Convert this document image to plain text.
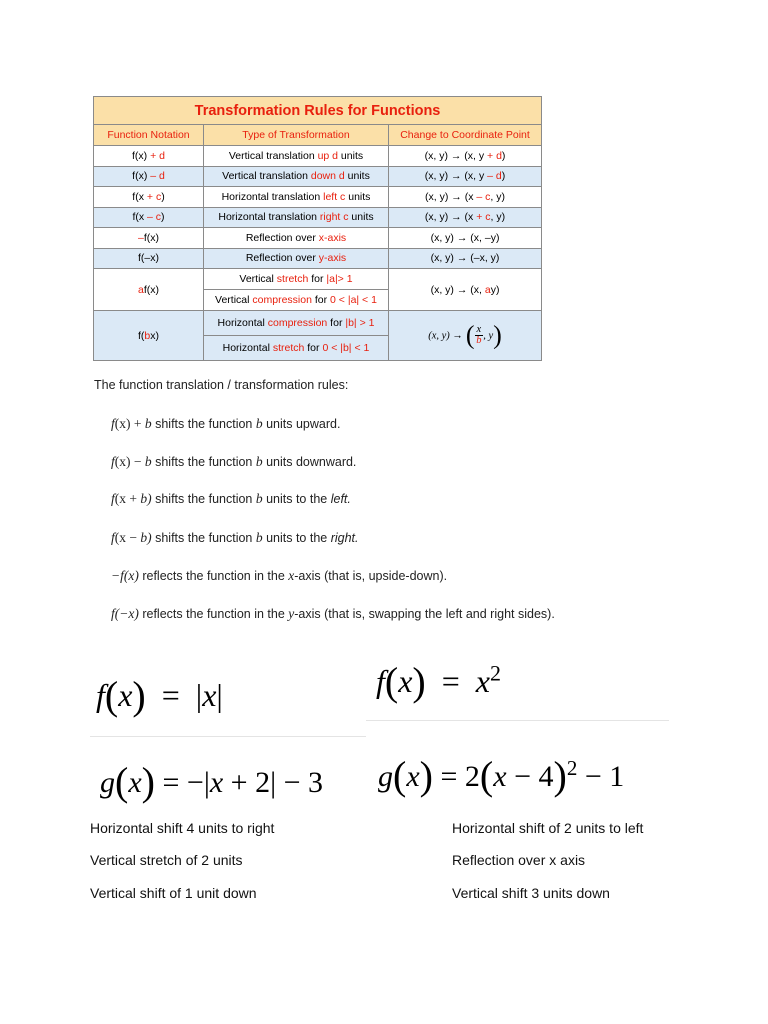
Transformation Rules for Functions		
Function Notation	Type of Transformation	Change to Coordinate Point
f(x) + d	Vertical translation up d units	(x, y) → (x, y + d)
f(x) – d	Vertical translation down d units	(x, y) → (x, y – d)
f(x + c)	Horizontal translation left c units	(x, y) → (x – c, y)
f(x – c)	Horizontal translation right c units	(x, y) → (x + c, y)
–f(x)	Reflection over x-axis	(x, y) → (x, –y)
f(–x)	Reflection over y-axis	(x, y) → (–x, y)
af(x)	Vertical stretch for |a|> 1	(x, y) → (x, ay)
	Vertical compression for 0 < |a| < 1	
f(bx)	Horizontal compression for |b| > 1	(x, y) → ( $\frac{x}{b}$ , y)
	Horizontal stretch for 0 < |b| < 1	
The function translation / transformation rules:
f(x) + b shifts the function b units upward.
f(x) − b shifts the function b units downward.
f(x + b) shifts the function b units to the left.
f(x − b) shifts the function b units to the right.
−f(x) reflects the function in the x-axis (that is, upside-down).
f(−x) reflects the function in the y-axis (that is, swapping the left and right sides).
f(x) = |x|	$f(x) = x^2$
g(x) = −|x + 2| − 3 $g(x) = 2(x - 4)^2 - 1$
Horizontal shift 4 units to right
Vertical stretch of 2 units
Vertical shift of 1 unit down
Horizontal shift of 2 units to left
Reflection over x axis
Vertical shift 3 units down
